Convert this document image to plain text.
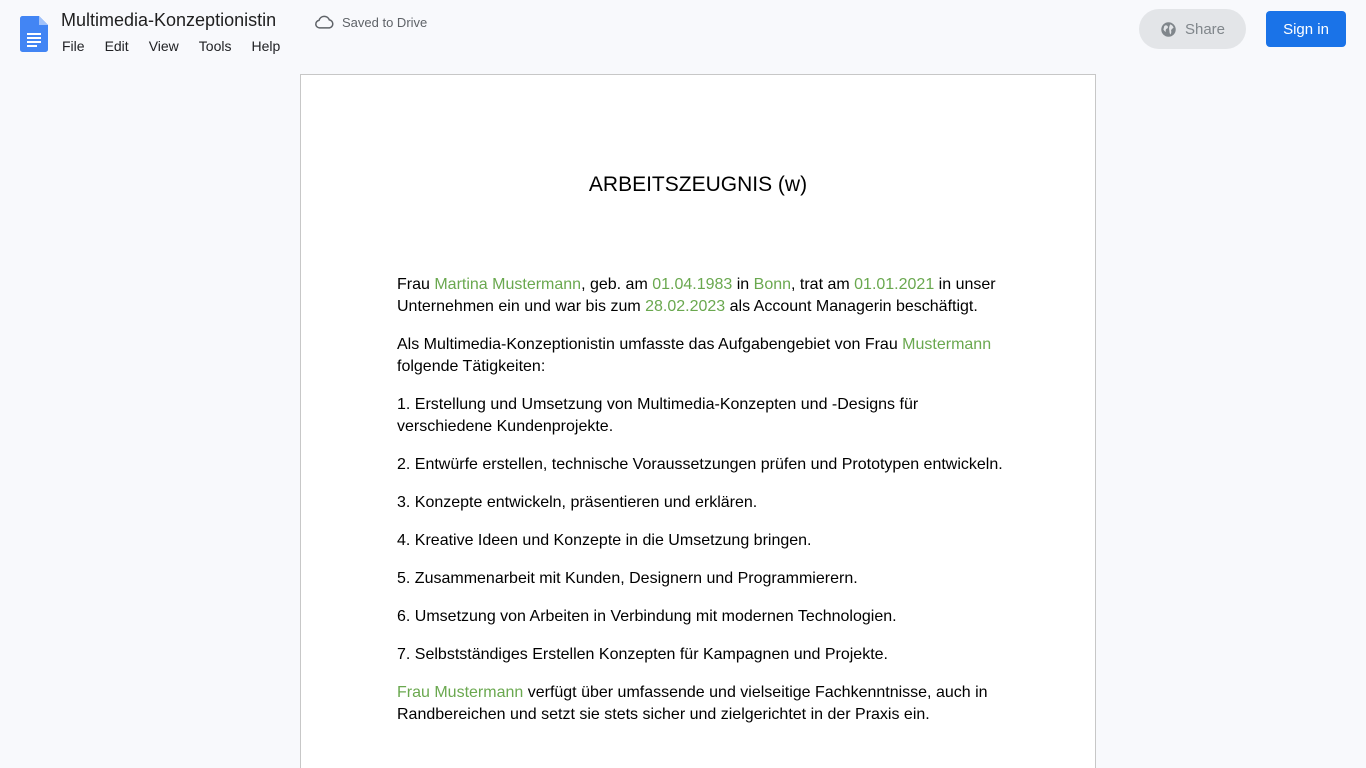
Multimedia-Konzeptionistin	Saved to Drive
File	Edit	View	Tools	Help
Share	Sign in
ARBEITSZEUGNIS (w)

Frau Martina Mustermann, geb. am 01.04.1983 in Bonn, trat am 01.01.2021 in unser Unternehmen ein und war bis zum 28.02.2023 als Account Managerin beschäftigt.

Als Multimedia-Konzeptionistin umfasste das Aufgabengebiet von Frau Mustermann folgende Tätigkeiten:

1. Erstellung und Umsetzung von Multimedia-Konzepten und -Designs für verschiedene Kundenprojekte.

2. Entwürfe erstellen, technische Voraussetzungen prüfen und Prototypen entwickeln.

3. Konzepte entwickeln, präsentieren und erklären.

4. Kreative Ideen und Konzepte in die Umsetzung bringen.

5. Zusammenarbeit mit Kunden, Designern und Programmierern.

6. Umsetzung von Arbeiten in Verbindung mit modernen Technologien.

7. Selbstständiges Erstellen Konzepten für Kampagnen und Projekte.

Frau Mustermann verfügt über umfassende und vielseitige Fachkenntnisse, auch in Randbereichen und setzt sie stets sicher und zielgerichtet in der Praxis ein.
